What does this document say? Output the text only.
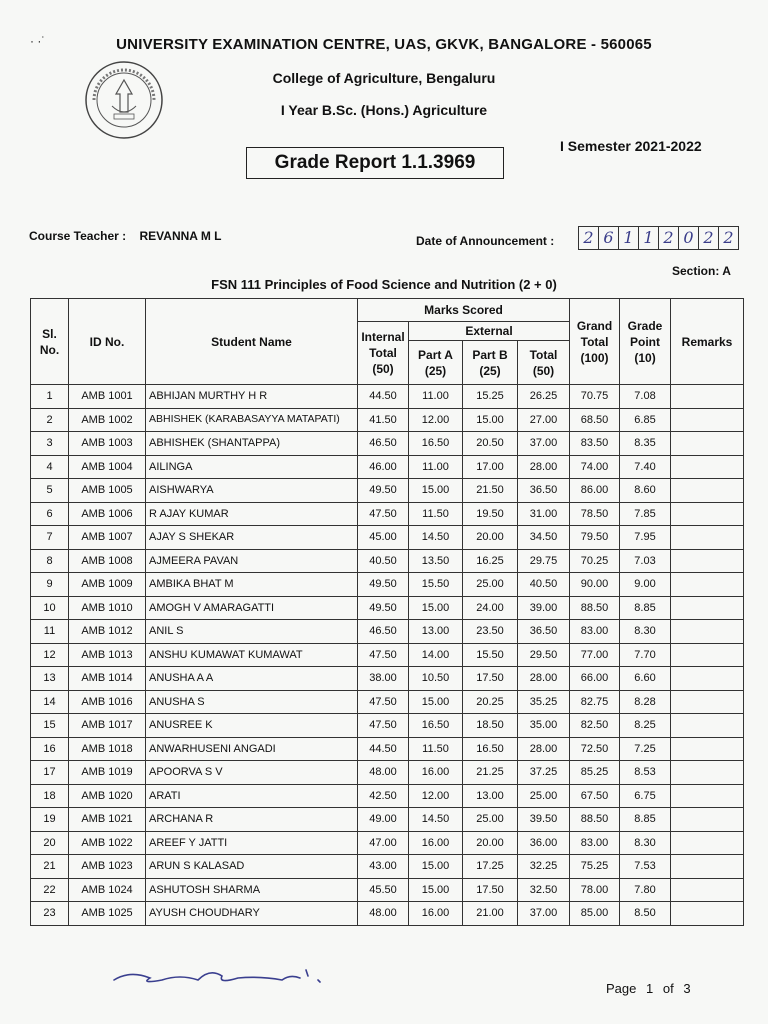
· ·˙	UNIVERSITY EXAMINATION CENTRE, UAS, GKVK, BANGALORE - 560065
College of Agriculture, Bengaluru
I Year B.Sc. (Hons.) Agriculture
I Semester 2021-2022
Grade Report 1.1.3969
Course Teacher : REVANNA M L	Date of Announcement :	2 6 1 1 2 0 2 2
Section: A
FSN 111 Principles of Food Science and Nutrition (2 + 0)
Sl. No.	ID No.	Student Name	Marks Scored				Grand Total (100)	Grade Point (10)	Remarks
			Internal Total (50)	External					
				Part A (25)	Part B (25)	Total (50)			
1	AMB 1001	ABHIJAN MURTHY H R	44.50	11.00	15.25	26.25	70.75	7.08	
2	AMB 1002	ABHISHEK (KARABASAYYA MATAPATI)	41.50	12.00	15.00	27.00	68.50	6.85	
3	AMB 1003	ABHISHEK (SHANTAPPA)	46.50	16.50	20.50	37.00	83.50	8.35	
4	AMB 1004	AILINGA	46.00	11.00	17.00	28.00	74.00	7.40	
5	AMB 1005	AISHWARYA	49.50	15.00	21.50	36.50	86.00	8.60	
6	AMB 1006	R AJAY KUMAR	47.50	11.50	19.50	31.00	78.50	7.85	
7	AMB 1007	AJAY S SHEKAR	45.00	14.50	20.00	34.50	79.50	7.95	
8	AMB 1008	AJMEERA PAVAN	40.50	13.50	16.25	29.75	70.25	7.03	
9	AMB 1009	AMBIKA BHAT M	49.50	15.50	25.00	40.50	90.00	9.00	
10	AMB 1010	AMOGH V AMARAGATTI	49.50	15.00	24.00	39.00	88.50	8.85	
11	AMB 1012	ANIL S	46.50	13.00	23.50	36.50	83.00	8.30	
12	AMB 1013	ANSHU KUMAWAT KUMAWAT	47.50	14.00	15.50	29.50	77.00	7.70	
13	AMB 1014	ANUSHA A A	38.00	10.50	17.50	28.00	66.00	6.60	
14	AMB 1016	ANUSHA S	47.50	15.00	20.25	35.25	82.75	8.28	
15	AMB 1017	ANUSREE K	47.50	16.50	18.50	35.00	82.50	8.25	
16	AMB 1018	ANWARHUSENI ANGADI	44.50	11.50	16.50	28.00	72.50	7.25	
17	AMB 1019	APOORVA S V	48.00	16.00	21.25	37.25	85.25	8.53	
18	AMB 1020	ARATI	42.50	12.00	13.00	25.00	67.50	6.75	
19	AMB 1021	ARCHANA R	49.00	14.50	25.00	39.50	88.50	8.85	
20	AMB 1022	AREEF Y JATTI	47.00	16.00	20.00	36.00	83.00	8.30	
21	AMB 1023	ARUN S KALASAD	43.00	15.00	17.25	32.25	75.25	7.53	
22	AMB 1024	ASHUTOSH SHARMA	45.50	15.00	17.50	32.50	78.00	7.80	
23	AMB 1025	AYUSH CHOUDHARY	48.00	16.00	21.00	37.00	85.00	8.50	
Page 1 of 3
